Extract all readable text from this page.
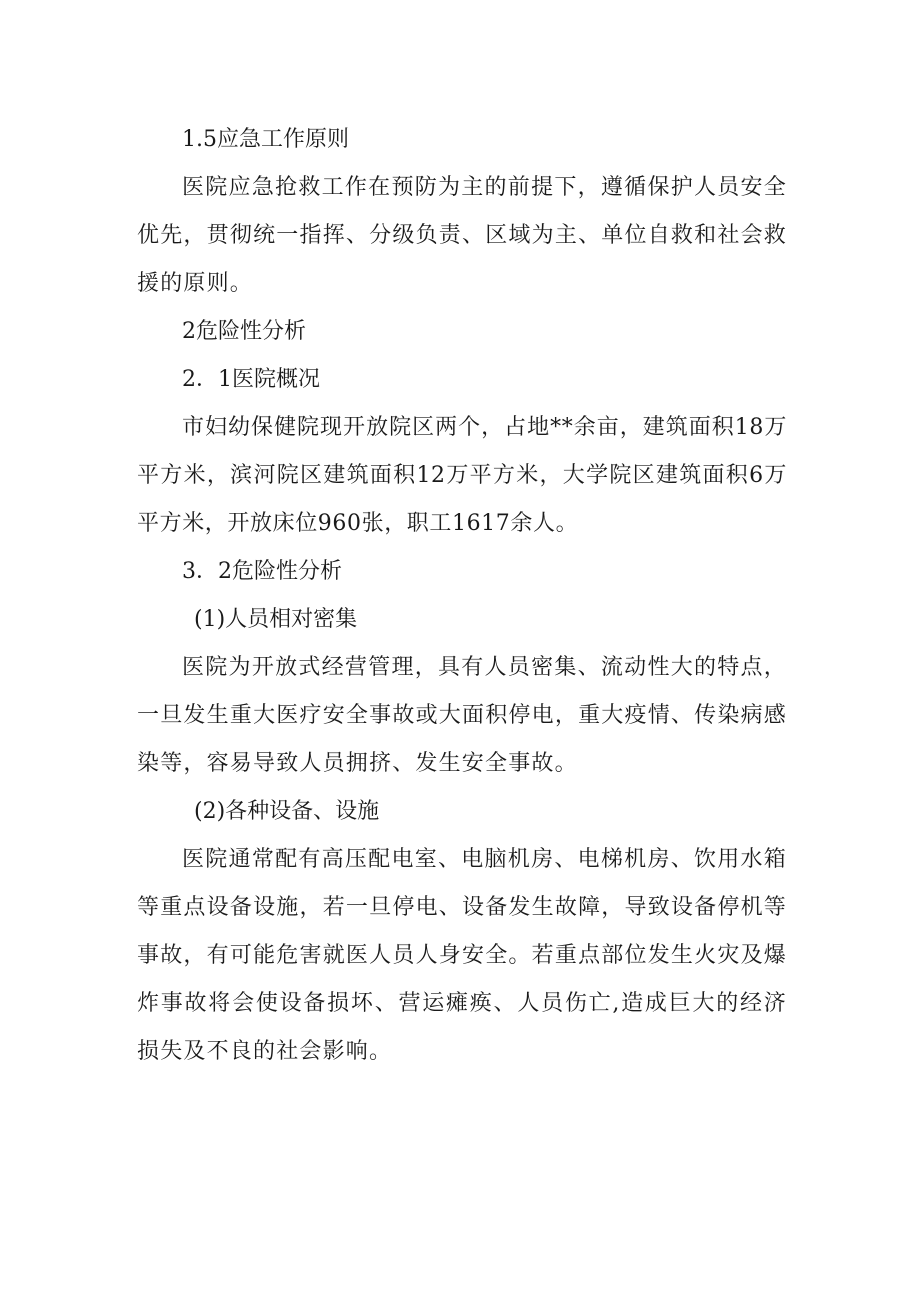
1.5应急工作原则

医院应急抢救工作在预防为主的前提下，遵循保护人员安全优先，贯彻统一指挥、分级负责、区域为主、单位自救和社会救援的原则。

2危险性分析
2．1医院概况

市妇幼保健院现开放院区两个，占地**余亩，建筑面积18万平方米，滨河院区建筑面积12万平方米，大学院区建筑面积6万平方米，开放床位960张，职工1617余人。

3．2危险性分析
(1)人员相对密集

医院为开放式经营管理，具有人员密集、流动性大的特点，一旦发生重大医疗安全事故或大面积停电，重大疫情、传染病感染等，容易导致人员拥挤、发生安全事故。

(2)各种设备、设施

医院通常配有高压配电室、电脑机房、电梯机房、饮用水箱等重点设备设施，若一旦停电、设备发生故障，导致设备停机等事故，有可能危害就医人员人身安全。若重点部位发生火灾及爆炸事故将会使设备损坏、营运瘫痪、人员伤亡,造成巨大的经济损失及不良的社会影响。
